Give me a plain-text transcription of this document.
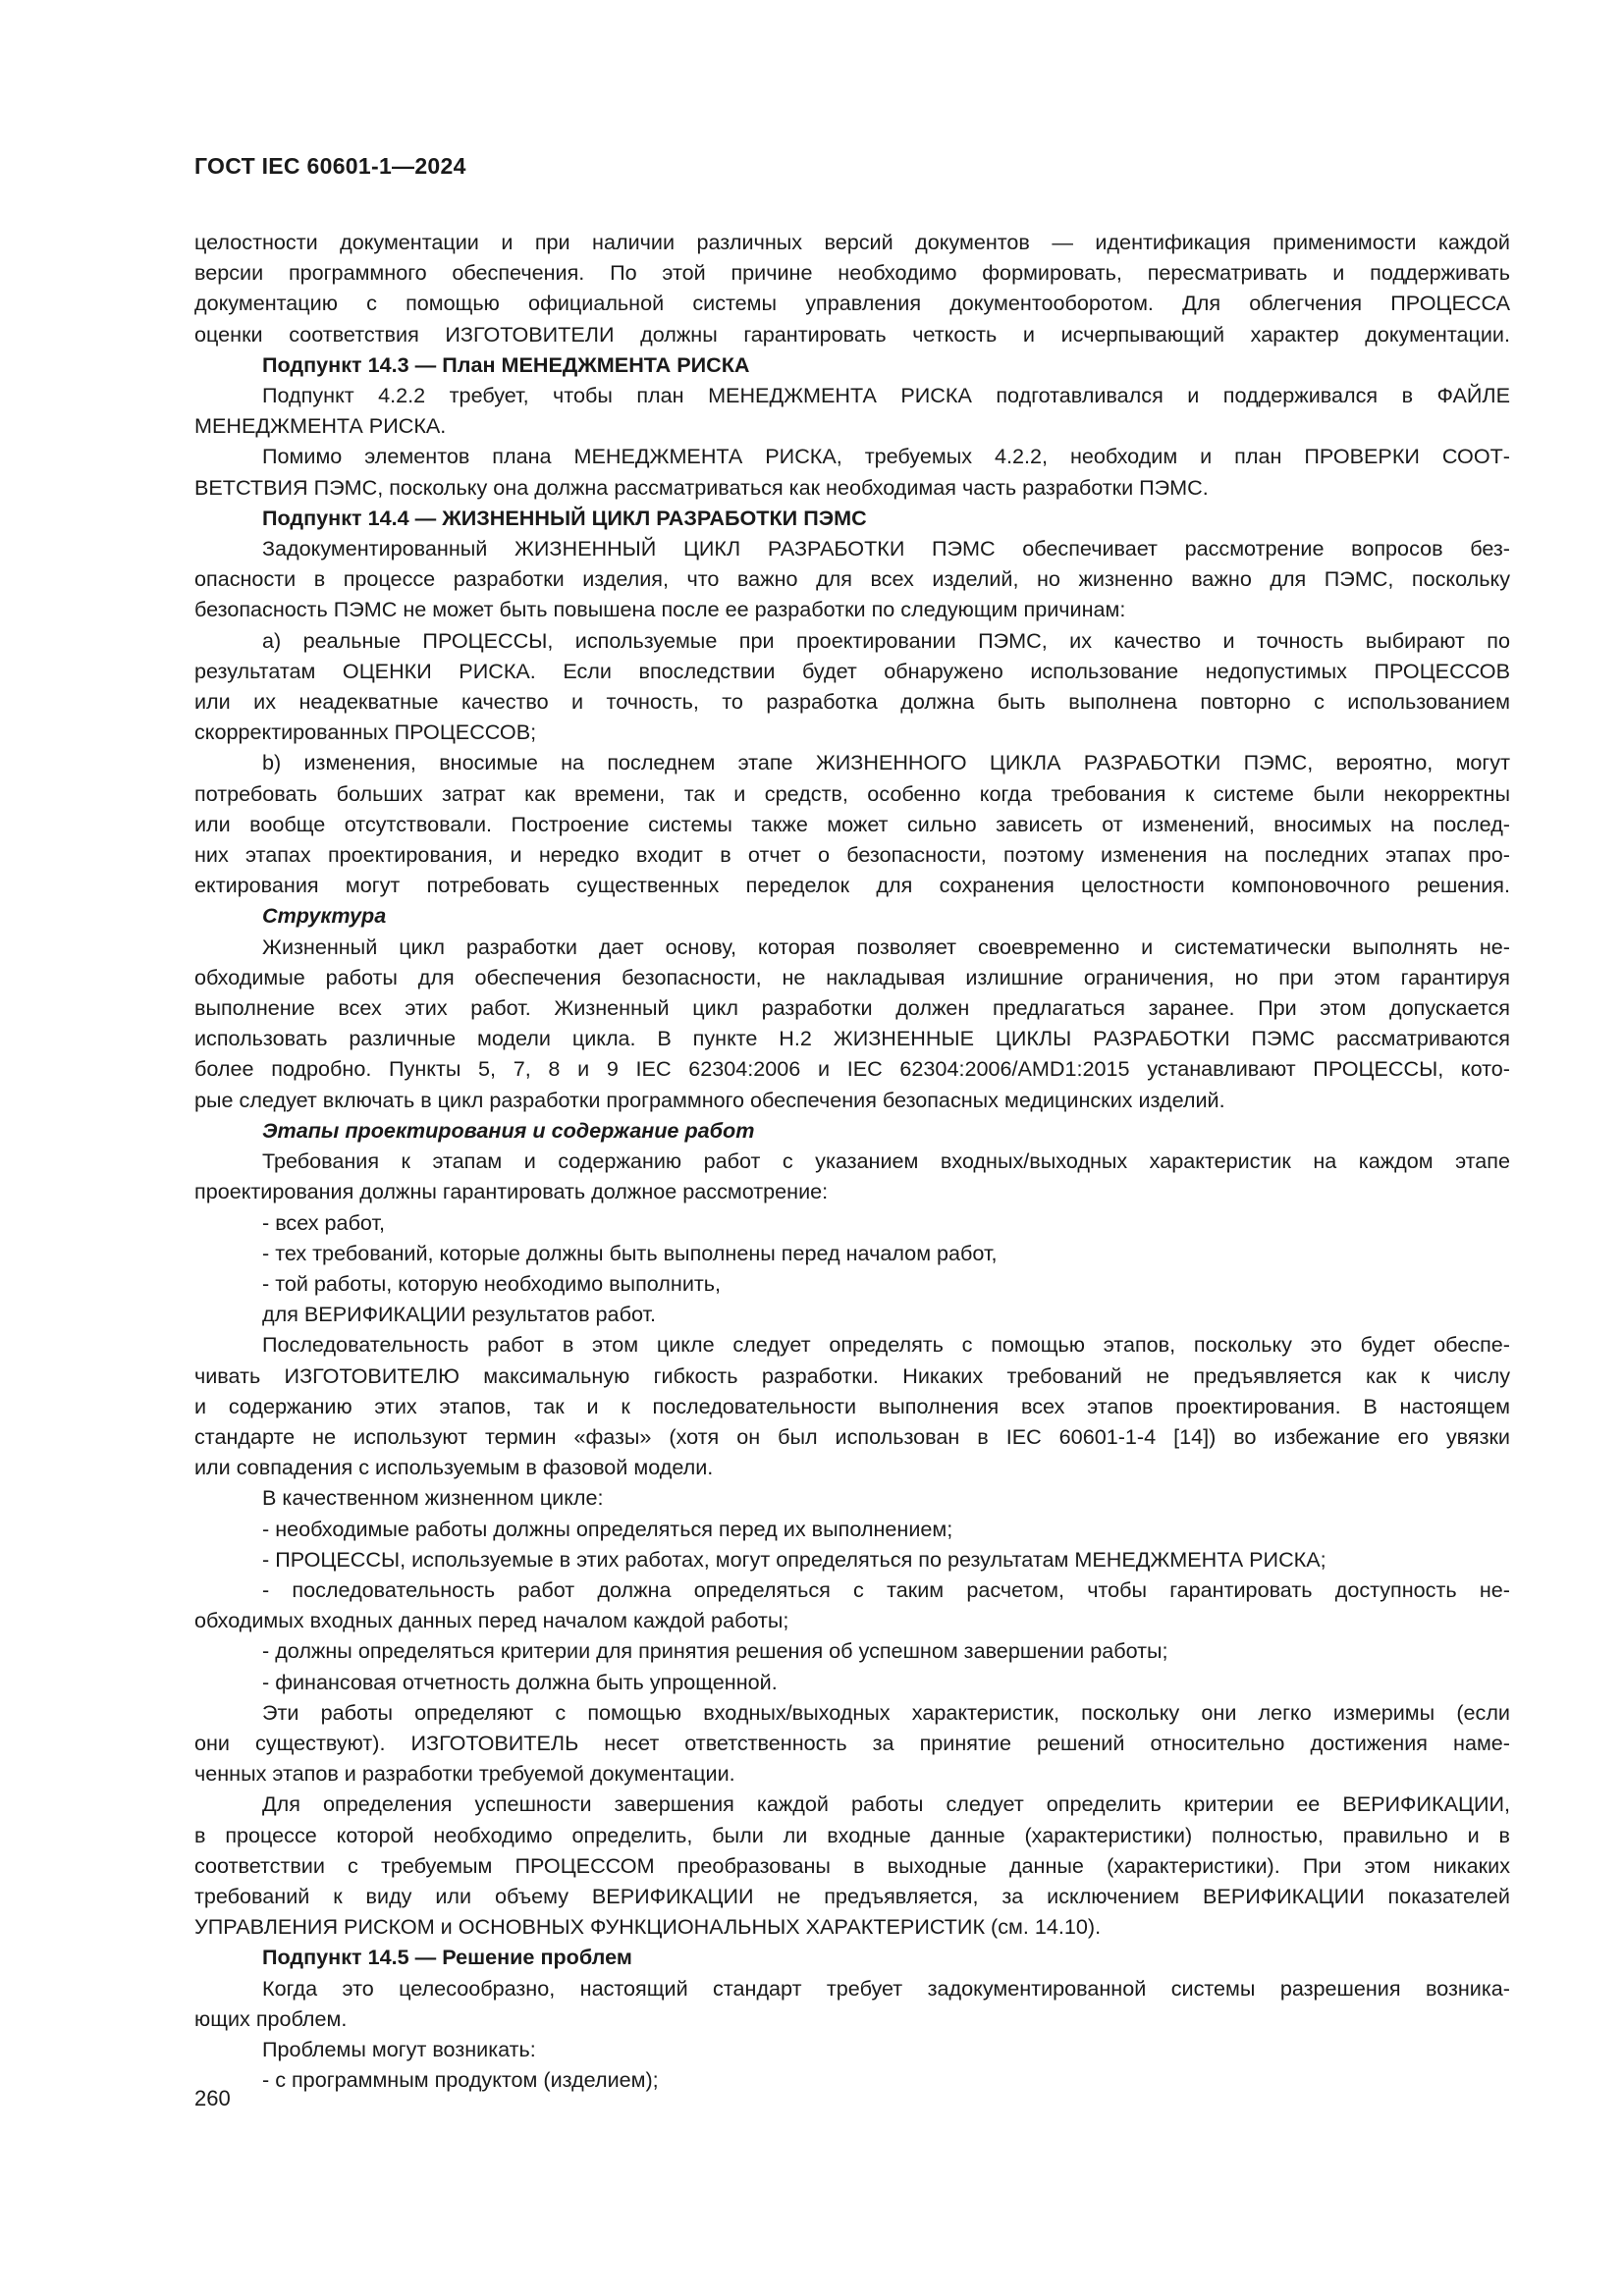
ГОСТ IEC 60601-1—2024

целостности документации и при наличии различных версий документов — идентификация применимости каждой

версии программного обеспечения. По этой причине необходимо формировать, пересматривать и поддерживать

документацию с помощью официальной системы управления документооборотом. Для облегчения ПРОЦЕССА

оценки соответствия ИЗГОТОВИТЕЛИ должны гарантировать четкость и исчерпывающий характер документации.

Подпункт 14.3 — План МЕНЕДЖМЕНТА РИСКА

Подпункт 4.2.2 требует, чтобы план МЕНЕДЖМЕНТА РИСКА подготавливался и поддерживался в ФАЙЛЕ

МЕНЕДЖМЕНТА РИСКА.

Помимо элементов плана МЕНЕДЖМЕНТА РИСКА, требуемых 4.2.2, необходим и план ПРОВЕРКИ СООТ-

ВЕТСТВИЯ ПЭМС, поскольку она должна рассматриваться как необходимая часть разработки ПЭМС.

Подпункт 14.4 — ЖИЗНЕННЫЙ ЦИКЛ РАЗРАБОТКИ ПЭМС

Задокументированный ЖИЗНЕННЫЙ ЦИКЛ РАЗРАБОТКИ ПЭМС обеспечивает рассмотрение вопросов без-

опасности в процессе разработки изделия, что важно для всех изделий, но жизненно важно для ПЭМС, поскольку

безопасность ПЭМС не может быть повышена после ее разработки по следующим причинам:

a) реальные ПРОЦЕССЫ, используемые при проектировании ПЭМС, их качество и точность выбирают по

результатам ОЦЕНКИ РИСКА. Если впоследствии будет обнаружено использование недопустимых ПРОЦЕССОВ

или их неадекватные качество и точность, то разработка должна быть выполнена повторно с использованием

скорректированных ПРОЦЕССОВ;

b) изменения, вносимые на последнем этапе ЖИЗНЕННОГО ЦИКЛА РАЗРАБОТКИ ПЭМС, вероятно, могут

потребовать больших затрат как времени, так и средств, особенно когда требования к системе были некорректны

или вообще отсутствовали. Построение системы также может сильно зависеть от изменений, вносимых на послед-

них этапах проектирования, и нередко входит в отчет о безопасности, поэтому изменения на последних этапах про-

ектирования могут потребовать существенных переделок для сохранения целостности компоновочного решения.

Структура

Жизненный цикл разработки дает основу, которая позволяет своевременно и систематически выполнять не-

обходимые работы для обеспечения безопасности, не накладывая излишние ограничения, но при этом гарантируя

выполнение всех этих работ. Жизненный цикл разработки должен предлагаться заранее. При этом допускается

использовать различные модели цикла. В пункте Н.2 ЖИЗНЕННЫЕ ЦИКЛЫ РАЗРАБОТКИ ПЭМС рассматриваются

более подробно. Пункты 5, 7, 8 и 9 IEC 62304:2006 и IEC 62304:2006/AMD1:2015 устанавливают ПРОЦЕССЫ, кото-

рые следует включать в цикл разработки программного обеспечения безопасных медицинских изделий.

Этапы проектирования и содержание работ

Требования к этапам и содержанию работ с указанием входных/выходных характеристик на каждом этапе

проектирования должны гарантировать должное рассмотрение:

- всех работ,

- тех требований, которые должны быть выполнены перед началом работ,

- той работы, которую необходимо выполнить,

для ВЕРИФИКАЦИИ результатов работ.

Последовательность работ в этом цикле следует определять с помощью этапов, поскольку это будет обеспе-

чивать ИЗГОТОВИТЕЛЮ максимальную гибкость разработки. Никаких требований не предъявляется как к числу

и содержанию этих этапов, так и к последовательности выполнения всех этапов проектирования. В настоящем

стандарте не используют термин «фазы» (хотя он был использован в IEC 60601-1-4 [14]) во избежание его увязки

или совпадения с используемым в фазовой модели.

В качественном жизненном цикле:

- необходимые работы должны определяться перед их выполнением;

- ПРОЦЕССЫ, используемые в этих работах, могут определяться по результатам МЕНЕДЖМЕНТА РИСКА;

- последовательность работ должна определяться с таким расчетом, чтобы гарантировать доступность не-

обходимых входных данных перед началом каждой работы;

- должны определяться критерии для принятия решения об успешном завершении работы;

- финансовая отчетность должна быть упрощенной.

Эти работы определяют с помощью входных/выходных характеристик, поскольку они легко измеримы (если

они существуют). ИЗГОТОВИТЕЛЬ несет ответственность за принятие решений относительно достижения наме-

ченных этапов и разработки требуемой документации.

Для определения успешности завершения каждой работы следует определить критерии ее ВЕРИФИКАЦИИ,

в процессе которой необходимо определить, были ли входные данные (характеристики) полностью, правильно и в

соответствии с требуемым ПРОЦЕССОМ преобразованы в выходные данные (характеристики). При этом никаких

требований к виду или объему ВЕРИФИКАЦИИ не предъявляется, за исключением ВЕРИФИКАЦИИ показателей

УПРАВЛЕНИЯ РИСКОМ и ОСНОВНЫХ ФУНКЦИОНАЛЬНЫХ ХАРАКТЕРИСТИК (см. 14.10).

Подпункт 14.5 — Решение проблем

Когда это целесообразно, настоящий стандарт требует задокументированной системы разрешения возника-

ющих проблем.

Проблемы могут возникать:

- с программным продуктом (изделием);

260
